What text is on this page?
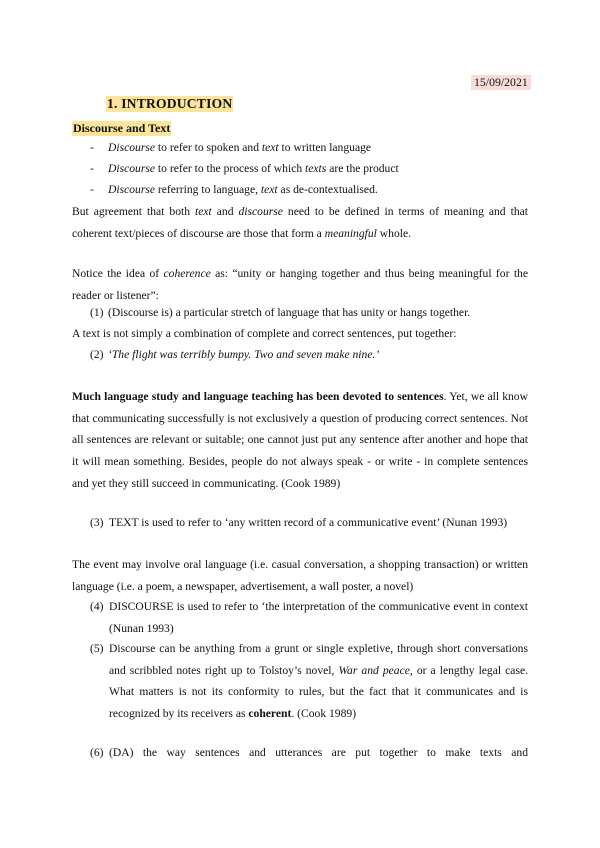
15/09/2021
1. INTRODUCTION
Discourse and Text
- Discourse to refer to spoken and text to written language
- Discourse to refer to the process of which texts are the product
- Discourse referring to language, text as de-contextualised.
But agreement that both text and discourse need to be defined in terms of meaning and that coherent text/pieces of discourse are those that form a meaningful whole.
Notice the idea of coherence as: “unity or hanging together and thus being meaningful for the reader or listener”:
(1) (Discourse is) a particular stretch of language that has unity or hangs together.
A text is not simply a combination of complete and correct sentences, put together:
(2) ‘The flight was terribly bumpy. Two and seven make nine.’
Much language study and language teaching has been devoted to sentences. Yet, we all know that communicating successfully is not exclusively a question of producing correct sentences. Not all sentences are relevant or suitable; one cannot just put any sentence after another and hope that it will mean something. Besides, people do not always speak - or write - in complete sentences and yet they still succeed in communicating. (Cook 1989)
(3) TEXT is used to refer to ‘any written record of a communicative event’ (Nunan 1993)
The event may involve oral language (i.e. casual conversation, a shopping transaction) or written language (i.e. a poem, a newspaper, advertisement, a wall poster, a novel)
(4) DISCOURSE is used to refer to ‘the interpretation of the communicative event in context (Nunan 1993)
(5) Discourse can be anything from a grunt or single expletive, through short conversations and scribbled notes right up to Tolstoy’s novel, War and peace, or a lengthy legal case. What matters is not its conformity to rules, but the fact that it communicates and is recognized by its receivers as coherent. (Cook 1989)
(6) (DA) the way sentences and utterances are put together to make texts and
